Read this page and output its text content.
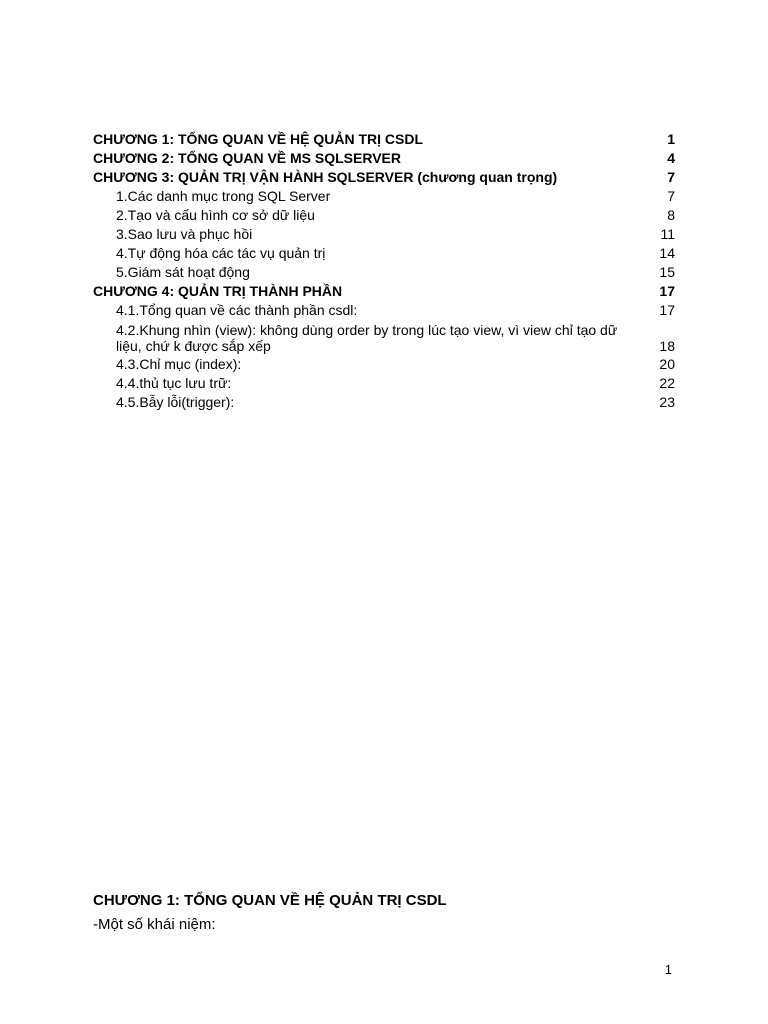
CHƯƠNG 1: TỔNG QUAN VỀ HỆ QUẢN TRỊ CSDL	1
CHƯƠNG 2: TỔNG QUAN VỀ MS SQLSERVER	4
CHƯƠNG 3: QUẢN TRỊ VẬN HÀNH SQLSERVER (chương quan trọng)	7
1.Các danh mục trong SQL Server	7
2.Tạo và cấu hình cơ sở dữ liệu	8
3.Sao lưu và phục hồi	11
4.Tự động hóa các tác vụ quản trị	14
5.Giám sát hoạt động	15
CHƯƠNG 4: QUẢN TRỊ THÀNH PHẦN	17
4.1.Tổng quan về các thành phần csdl:	17
4.2.Khung nhìn (view): không dùng order by trong lúc tạo view, vì view chỉ tạo dữ liệu, chứ k được sắp xếp	18
4.3.Chỉ mục (index):	20
4.4.thủ tục lưu trữ:	22
4.5.Bẫy lỗi(trigger):	23
CHƯƠNG 1: TỔNG QUAN VỀ HỆ QUẢN TRỊ CSDL

-Một số khái niệm:

1
